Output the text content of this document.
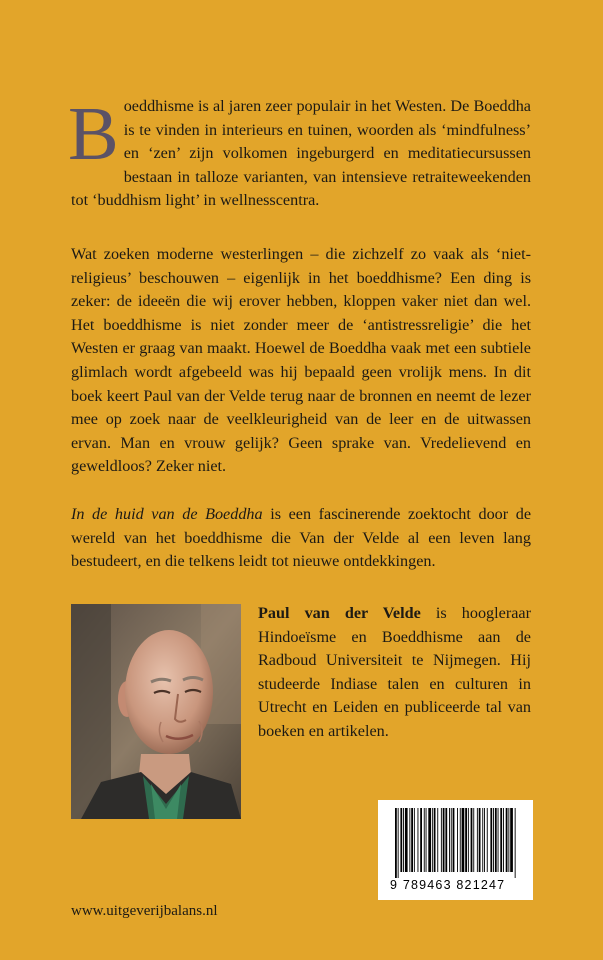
Boeddhisme is al jaren zeer populair in het Westen. De Boeddha is te vinden in interieurs en tuinen, woorden als ‘mindfulness’ en ‘zen’ zijn volkomen ingeburgerd en meditatiecursussen bestaan in talloze varianten, van intensieve retraiteweekenden tot ‘buddhism light’ in wellnesscentra.

Wat zoeken moderne westerlingen – die zichzelf zo vaak als ‘niet-religieus’ beschouwen – eigenlijk in het boeddhisme? Een ding is zeker: de ideeën die wij erover hebben, kloppen vaker niet dan wel. Het boeddhisme is niet zonder meer de ‘antistressreligie’ die het Westen er graag van maakt. Hoewel de Boeddha vaak met een subtiele glimlach wordt afgebeeld was hij bepaald geen vrolijk mens. In dit boek keert Paul van der Velde terug naar de bronnen en neemt de lezer mee op zoek naar de veelkleurigheid van de leer en de uitwassen ervan. Man en vrouw gelijk? Geen sprake van. Vredelievend en geweldloos? Zeker niet.

In de huid van de Boeddha is een fascinerende zoektocht door de wereld van het boeddhisme die Van der Velde al een leven lang bestudeert, en die telkens leidt tot nieuwe ontdekkingen.

Paul van der Velde is hoogleraar Hindoeïsme en Boeddhisme aan de Radboud Universiteit te Nijmegen. Hij studeerde Indiase talen en culturen in Utrecht en Leiden en publiceerde tal van boeken en artikelen.

9 789463 821247
www.uitgeverijbalans.nl
